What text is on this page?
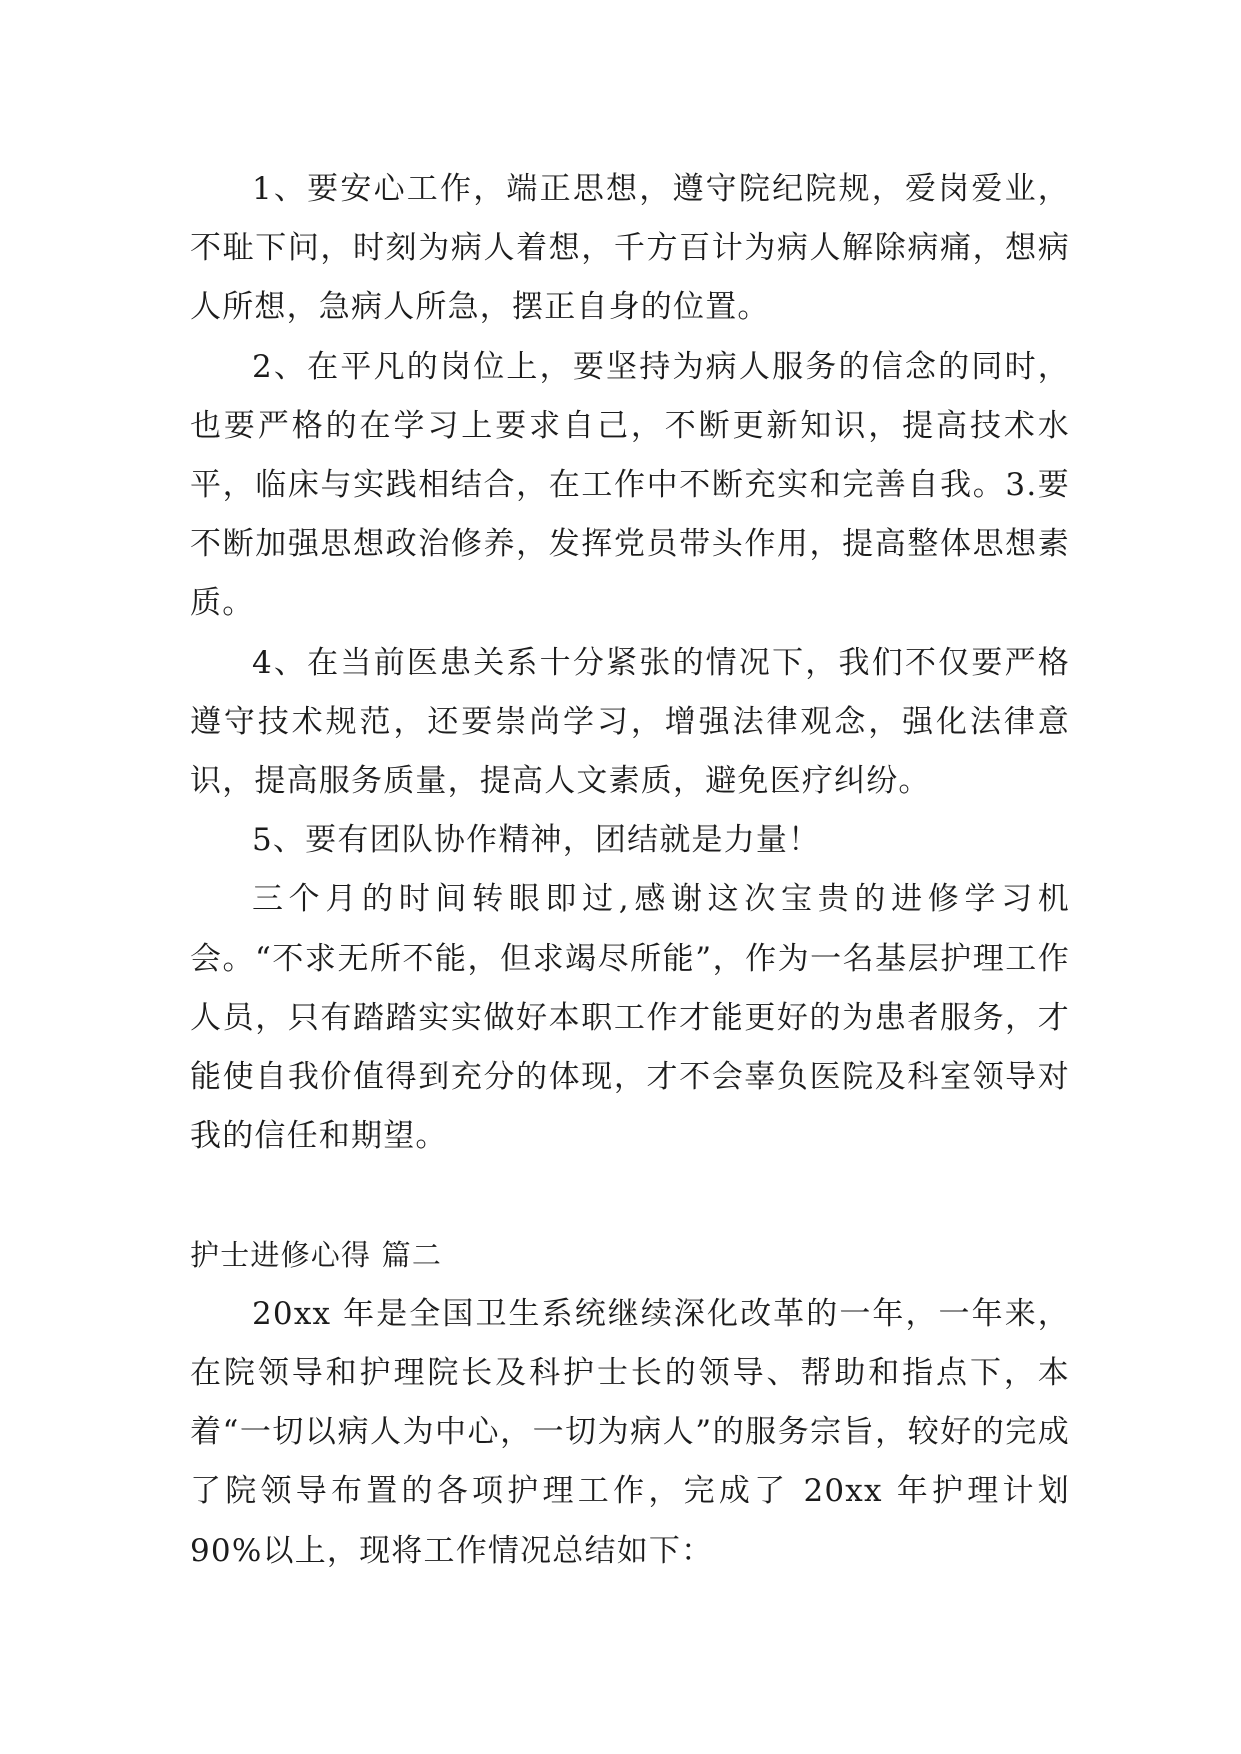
1、要安心工作，端正思想，遵守院纪院规，爱岗爱业，不耻下问，时刻为病人着想，千方百计为病人解除病痛，想病人所想，急病人所急，摆正自身的位置。

2、在平凡的岗位上，要坚持为病人服务的信念的同时，也要严格的在学习上要求自己，不断更新知识，提高技术水平，临床与实践相结合，在工作中不断充实和完善自我。3.要不断加强思想政治修养，发挥党员带头作用，提高整体思想素质。

4、在当前医患关系十分紧张的情况下，我们不仅要严格遵守技术规范，还要崇尚学习，增强法律观念，强化法律意识，提高服务质量，提高人文素质，避免医疗纠纷。

5、要有团队协作精神，团结就是力量！

三个月的时间转眼即过,感谢这次宝贵的进修学习机会。“不求无所不能，但求竭尽所能”，作为一名基层护理工作人员，只有踏踏实实做好本职工作才能更好的为患者服务，才能使自我价值得到充分的体现，才不会辜负医院及科室领导对我的信任和期望。

护士进修心得 篇二

20xx 年是全国卫生系统继续深化改革的一年，一年来，在院领导和护理院长及科护士长的领导、帮助和指点下，本着“一切以病人为中心，一切为病人”的服务宗旨，较好的完成了院领导布置的各项护理工作，完成了 20xx 年护理计划 90%以上，现将工作情况总结如下：
